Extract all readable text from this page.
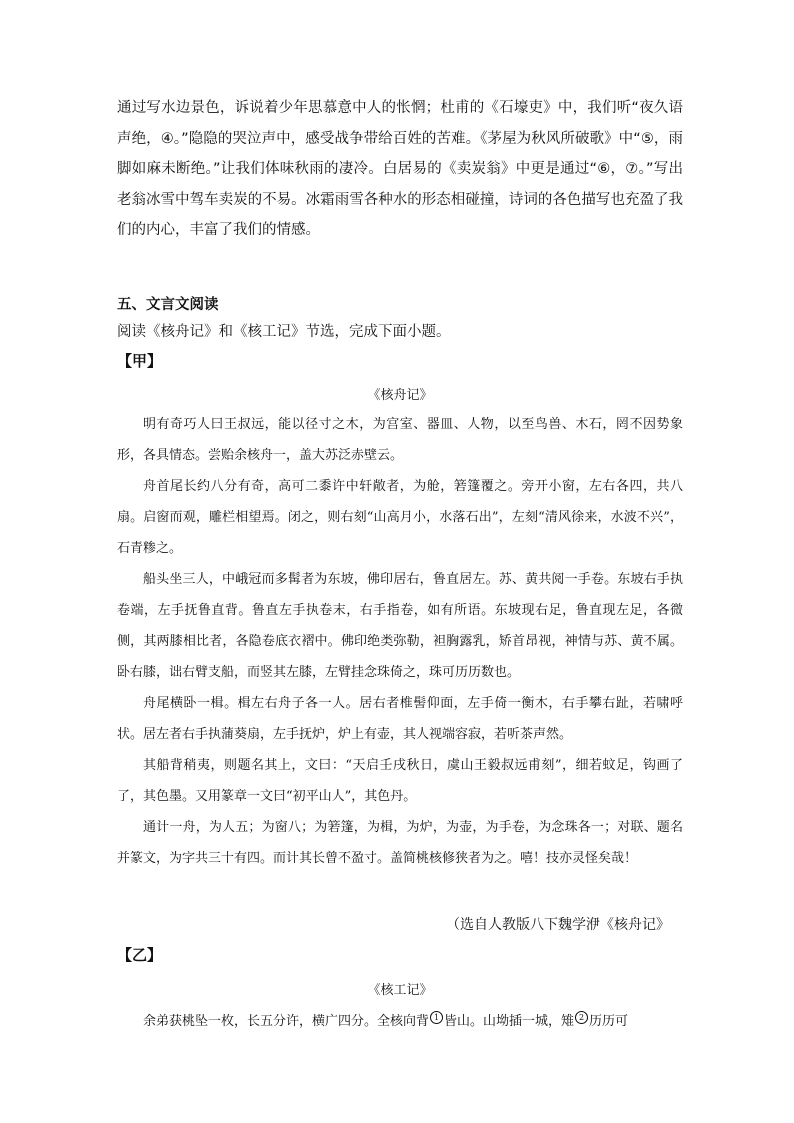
通过写水边景色，诉说着少年思慕意中人的怅惘；杜甫的《石壕吏》中，我们听“夜久语声绝，④。”隐隐的哭泣声中，感受战争带给百姓的苦难。《茅屋为秋风所破歌》中“⑤，雨脚如麻未断绝。”让我们体味秋雨的凄冷。白居易的《卖炭翁》中更是通过“⑥，⑦。”写出老翁冰雪中驾车卖炭的不易。冰霜雨雪各种水的形态相碰撞，诗词的各色描写也充盈了我们的内心，丰富了我们的情感。

五、文言文阅读

阅读《核舟记》和《核工记》节选，完成下面小题。

【甲】

《核舟记》

明有奇巧人曰王叔远，能以径寸之木，为宫室、器皿、人物，以至鸟兽、木石，罔不因势象形，各具情态。尝贻余核舟一，盖大苏泛赤壁云。

舟首尾长约八分有奇，高可二黍许中轩敞者，为舱，箬篷覆之。旁开小窗，左右各四，共八扇。启窗而观，雕栏相望焉。闭之，则右刻“山高月小，水落石出”，左刻“清风徐来，水波不兴”，石青糁之。

船头坐三人，中峨冠而多髯者为东坡，佛印居右，鲁直居左。苏、黄共阅一手卷。东坡右手执卷端，左手抚鲁直背。鲁直左手执卷末，右手指卷，如有所语。东坡现右足，鲁直现左足，各微侧，其两膝相比者，各隐卷底衣褶中。佛印绝类弥勒，袒胸露乳，矫首昂视，神情与苏、黄不属。卧右膝，诎右臂支船，而竖其左膝，左臂挂念珠倚之，珠可历历数也。

舟尾横卧一楫。楫左右舟子各一人。居右者椎髻仰面，左手倚一衡木，右手攀右趾，若啸呼状。居左者右手执蒲葵扇，左手抚炉，炉上有壶，其人视端容寂，若听茶声然。

其船背稍夷，则题名其上，文曰：“天启壬戌秋日，虞山王毅叔远甫刻”，细若蚊足，钩画了了，其色墨。又用篆章一文曰“初平山人”，其色丹。

通计一舟，为人五；为窗八；为箬篷，为楫，为炉，为壶，为手卷，为念珠各一；对联、题名并篆文，为字共三十有四。而计其长曾不盈寸。盖简桃核修狭者为之。嘻！技亦灵怪矣哉！

（选自人教版八下魏学洢《核舟记》

【乙】

《核工记》

余弟获桃坠一枚，长五分许，横广四分。全核向背 1 皆山。山坳插一城，雉 2 历历可
